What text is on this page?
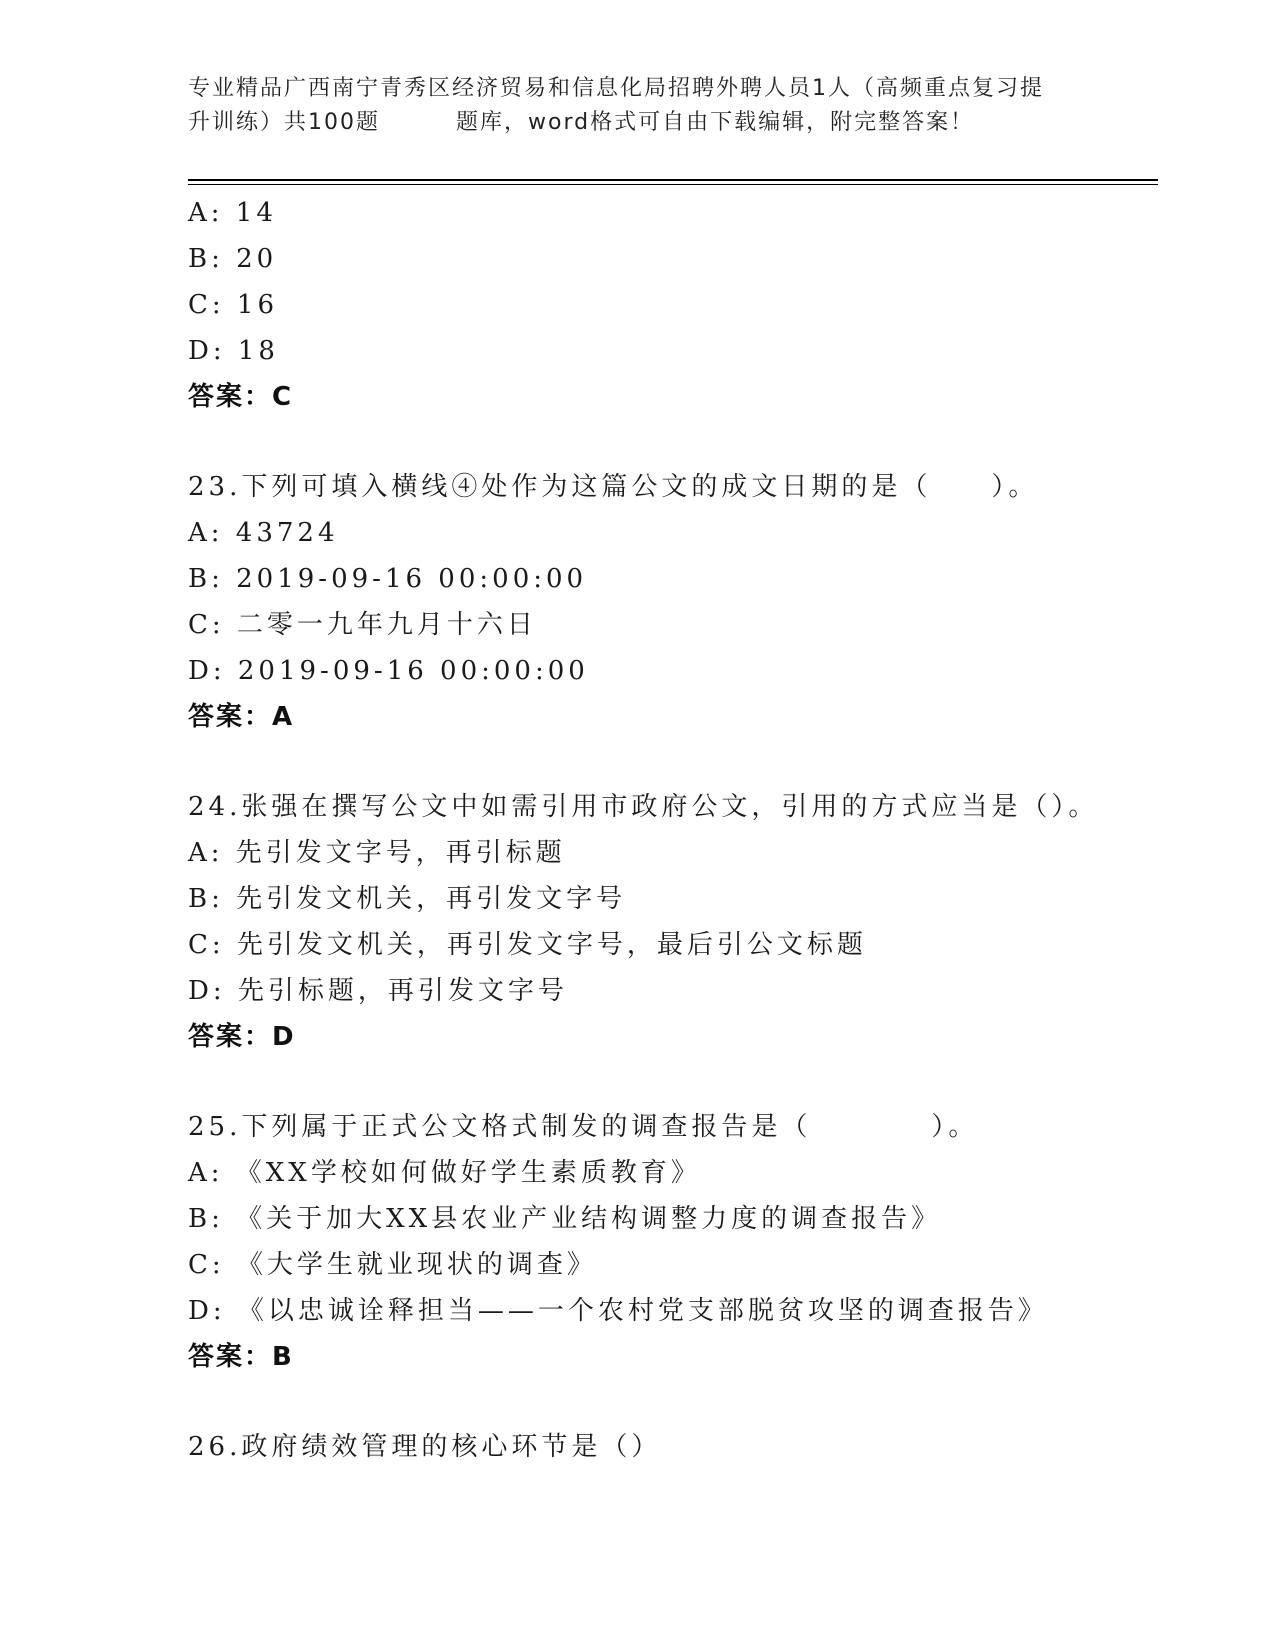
专业精品广西南宁青秀区经济贸易和信息化局招聘外聘人员1人（高频重点复习提
升训练）共100题	题库，word格式可自由下载编辑，附完整答案！
A: 14
B: 20
C: 16
D: 18
答案：C
23.下列可填入横线④处作为这篇公文的成文日期的是（　　）。
A: 43724
B: 2019-09-16 00:00:00
C: 二零一九年九月十六日
D: 2019-09-16 00:00:00
答案：A
24.张强在撰写公文中如需引用市政府公文，引用的方式应当是（）。
A: 先引发文字号，再引标题
B: 先引发文机关，再引发文字号
C: 先引发文机关，再引发文字号，最后引公文标题
D: 先引标题，再引发文字号
答案：D
25.下列属于正式公文格式制发的调查报告是（　　　　）。
A: 《XX学校如何做好学生素质教育》
B: 《关于加大XX县农业产业结构调整力度的调查报告》
C: 《大学生就业现状的调查》
D: 《以忠诚诠释担当——一个农村党支部脱贫攻坚的调查报告》
答案：B
26.政府绩效管理的核心环节是（）
